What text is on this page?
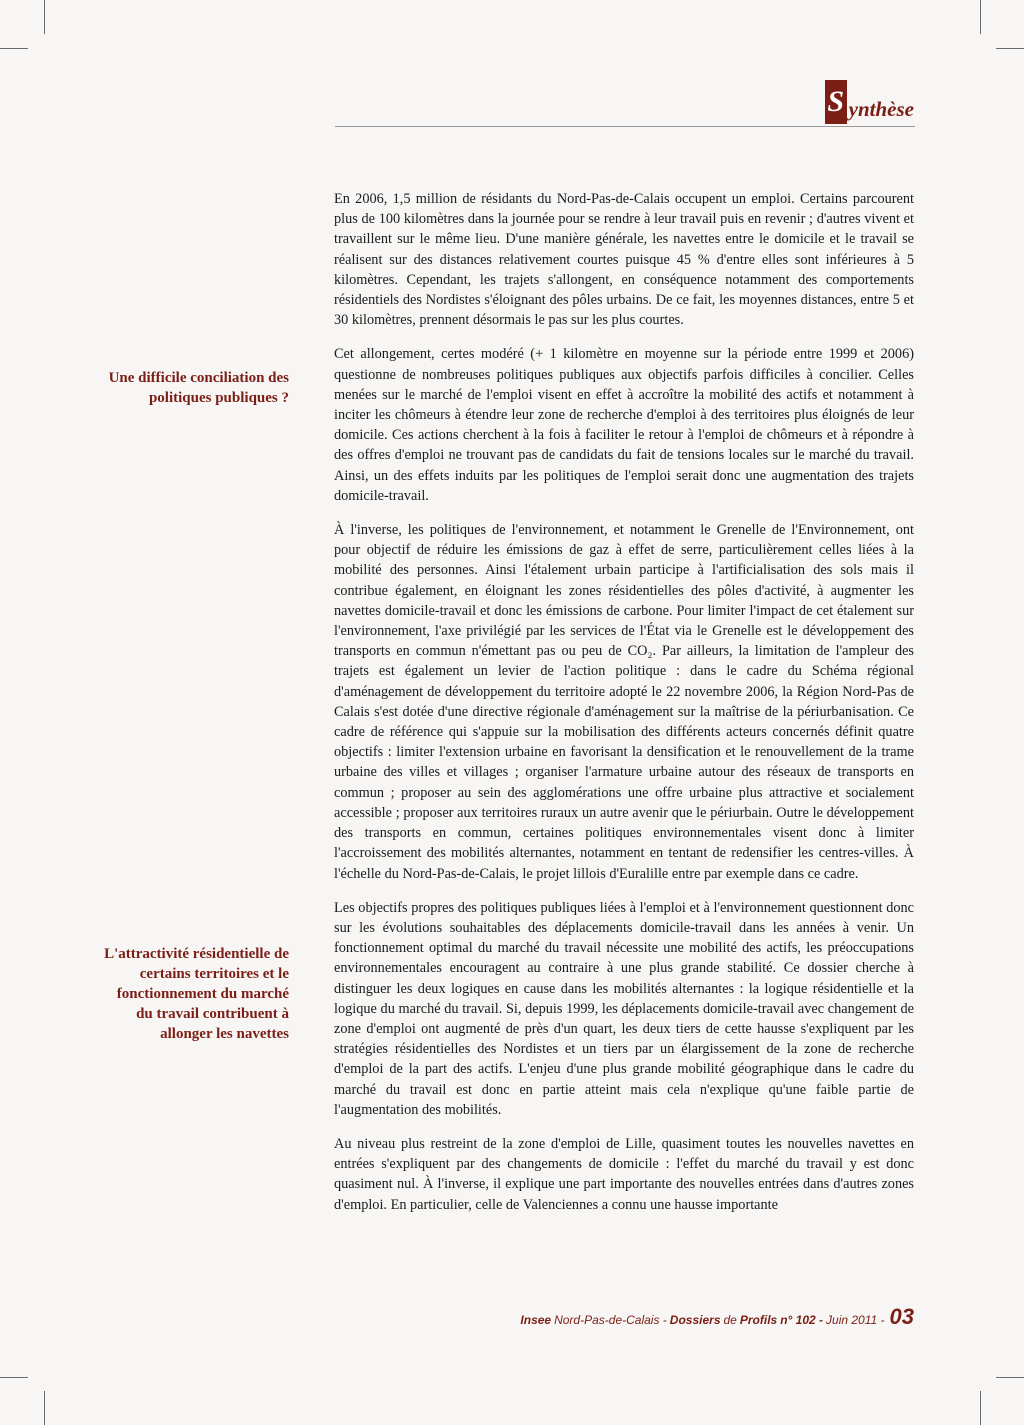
S ynthèse
Une difficile conciliation des politiques publiques ?
L'attractivité résidentielle de certains territoires et le fonctionnement du marché du travail contribuent à allonger les navettes

En 2006, 1,5 million de résidants du Nord-Pas-de-Calais occupent un emploi. Certains parcourent plus de 100 kilomètres dans la journée pour se rendre à leur travail puis en revenir ; d'autres vivent et travaillent sur le même lieu. D'une manière générale, les navettes entre le domicile et le travail se réalisent sur des distances relativement courtes puisque 45 % d'entre elles sont inférieures à 5 kilomètres. Cependant, les trajets s'allongent, en conséquence notamment des comportements résidentiels des Nordistes s'éloignant des pôles urbains. De ce fait, les moyennes distances, entre 5 et 30 kilomètres, prennent désormais le pas sur les plus courtes.

Cet allongement, certes modéré (+ 1 kilomètre en moyenne sur la période entre 1999 et 2006) questionne de nombreuses politiques publiques aux objectifs parfois difficiles à concilier. Celles menées sur le marché de l'emploi visent en effet à accroître la mobilité des actifs et notamment à inciter les chômeurs à étendre leur zone de recherche d'emploi à des territoires plus éloignés de leur domicile. Ces actions cherchent à la fois à faciliter le retour à l'emploi de chômeurs et à répondre à des offres d'emploi ne trouvant pas de candidats du fait de tensions locales sur le marché du travail. Ainsi, un des effets induits par les politiques de l'emploi serait donc une augmentation des trajets domicile-travail.

À l'inverse, les politiques de l'environnement, et notamment le Grenelle de l'Environnement, ont pour objectif de réduire les émissions de gaz à effet de serre, particulièrement celles liées à la mobilité des personnes. Ainsi l'étalement urbain participe à l'artificialisation des sols mais il contribue également, en éloignant les zones résidentielles des pôles d'activité, à augmenter les navettes domicile-travail et donc les émissions de carbone. Pour limiter l'impact de cet étalement sur l'environnement, l'axe privilégié par les services de l'État via le Grenelle est le développement des transports en commun n'émettant pas ou peu de CO₂. Par ailleurs, la limitation de l'ampleur des trajets est également un levier de l'action politique : dans le cadre du Schéma régional d'aménagement de développement du territoire adopté le 22 novembre 2006, la Région Nord-Pas de Calais s'est dotée d'une directive régionale d'aménagement sur la maîtrise de la périurbanisation. Ce cadre de référence qui s'appuie sur la mobilisation des différents acteurs concernés définit quatre objectifs : limiter l'extension urbaine en favorisant la densification et le renouvellement de la trame urbaine des villes et villages ; organiser l'armature urbaine autour des réseaux de transports en commun ; proposer au sein des agglomérations une offre urbaine plus attractive et socialement accessible ; proposer aux territoires ruraux un autre avenir que le périurbain. Outre le développement des transports en commun, certaines politiques environnementales visent donc à limiter l'accroissement des mobilités alternantes, notamment en tentant de redensifier les centres-villes. À l'échelle du Nord-Pas-de-Calais, le projet lillois d'Euralille entre par exemple dans ce cadre.

Les objectifs propres des politiques publiques liées à l'emploi et à l'environnement questionnent donc sur les évolutions souhaitables des déplacements domicile-travail dans les années à venir. Un fonctionnement optimal du marché du travail nécessite une mobilité des actifs, les préoccupations environnementales encouragent au contraire à une plus grande stabilité. Ce dossier cherche à distinguer les deux logiques en cause dans les mobilités alternantes : la logique résidentielle et la logique du marché du travail. Si, depuis 1999, les déplacements domicile-travail avec changement de zone d'emploi ont augmenté de près d'un quart, les deux tiers de cette hausse s'expliquent par les stratégies résidentielles des Nordistes et un tiers par un élargissement de la zone de recherche d'emploi de la part des actifs. L'enjeu d'une plus grande mobilité géographique dans le cadre du marché du travail est donc en partie atteint mais cela n'explique qu'une faible partie de l'augmentation des mobilités.

Au niveau plus restreint de la zone d'emploi de Lille, quasiment toutes les nouvelles navettes en entrées s'expliquent par des changements de domicile : l'effet du marché du travail y est donc quasiment nul. À l'inverse, il explique une part importante des nouvelles entrées dans d'autres zones d'emploi. En particulier, celle de Valenciennes a connu une hausse importante

Insee Nord-Pas-de-Calais - Dossiers de Profils n° 102 - Juin 2011 - 03
